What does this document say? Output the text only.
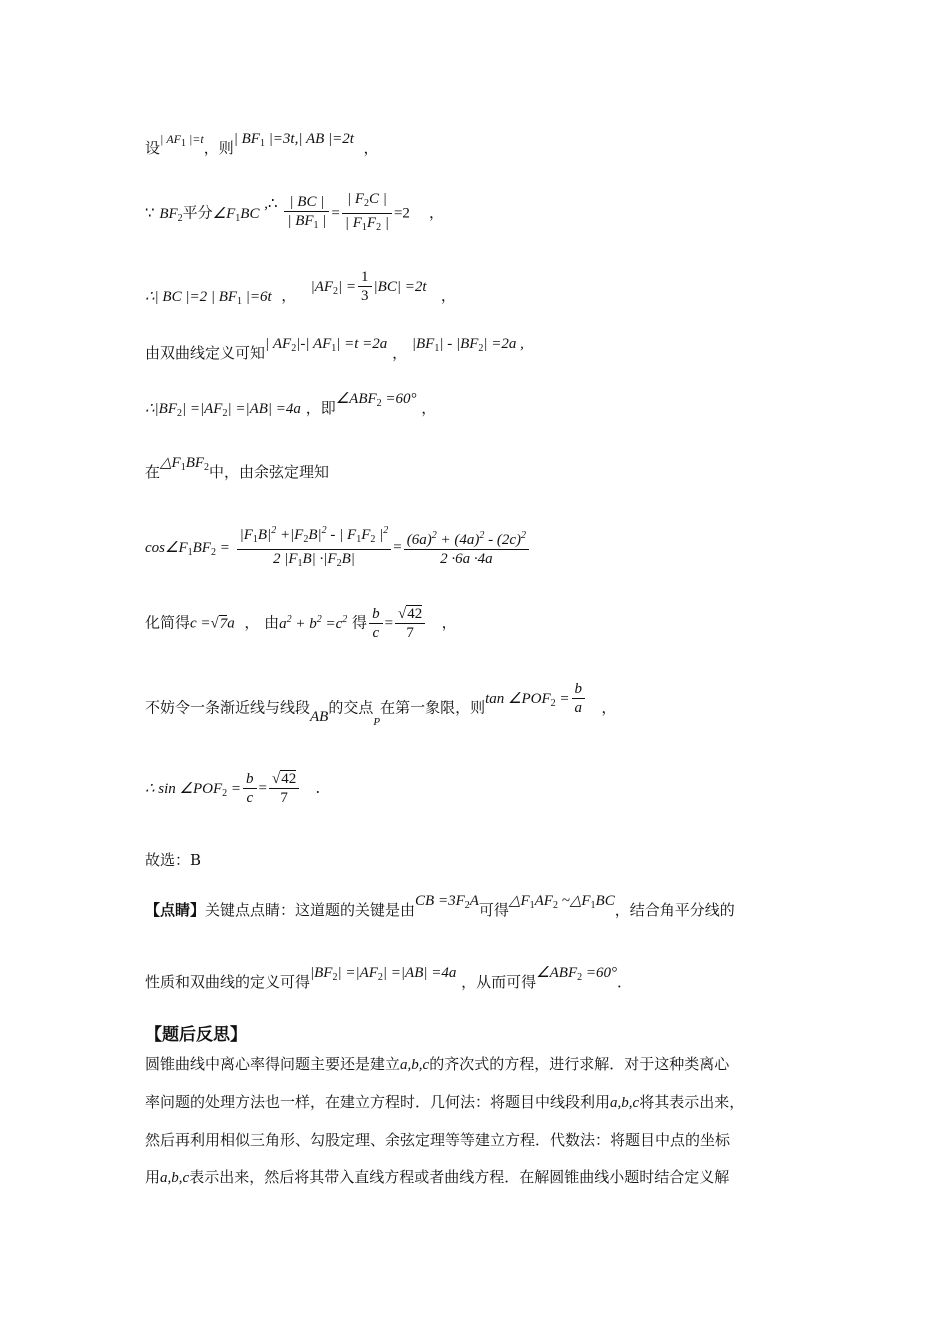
设$^{| AF_1 |=t}$，则| $BF_1$ |=3t,| AB |=2t ，
∵ $BF_2$平分$\angle F_1BC$ ,∴ $\frac{| BC |}{| BF_1 |} = \frac{| F_2C |}{| F_1F_2 |} =2$ ，
∴| BC |=2 | $BF_1$ |=6t ， $|AF_2| = \frac{1}{3} |BC| =2t$ ，
由双曲线定义可知| $AF_2|-|$ $AF_1| =t =2a$ ， $|BF_1| - |BF_2| =2a$ ,
$\therefore|BF_2| =|AF_2| =|AB| =4a$ ，即$\angle ABF_2 =60^\circ$ ，
在$\triangle F_1BF_2$中，由余弦定理知
$\cos\angle F_1BF_2 = \frac{|F_1B|^2 +|F_2B|^2 - | F_1F_2 |^2}{2 |F_1B| \cdot|F_2B|} = \frac{(6a)^2 + (4a)^2 - (2c)^2}{2 \cdot 6a \cdot 4a}$
化简得c =√7a ， 由$a^2 + b^2 =c^2$ 得 $\frac{b}{c} = \frac{√42}{7}$ ，
不妨令一条渐近线与线段AB的交点$_P$在第一象限，则$\tan \angle POF_2 = \frac{b}{a}$ ，
∴ $\sin \angle POF_2 = \frac{b}{c} = \frac{√42}{7}$ ．
故选：B
【点睛】关键点点睛：这道题的关键是由CB $=3F_2A$可得$\triangle F_1AF_2$ $\sim\triangle F_1BC$，结合角平分线的
性质和双曲线的定义可得$|BF_2| =|AF_2| =|AB| =4a$ ，从而可得$\angle ABF_2 =60^\circ$．
【题后反思】
圆锥曲线中离心率得问题主要还是建立a,b,c的齐次式的方程，进行求解．对于这种类离心
率问题的处理方法也一样，在建立方程时．几何法：将题目中线段利用a,b,c将其表示出来，
然后再利用相似三角形、勾股定理、余弦定理等等建立方程．代数法：将题目中点的坐标
用a,b,c表示出来，然后将其带入直线方程或者曲线方程．在解圆锥曲线小题时结合定义解
